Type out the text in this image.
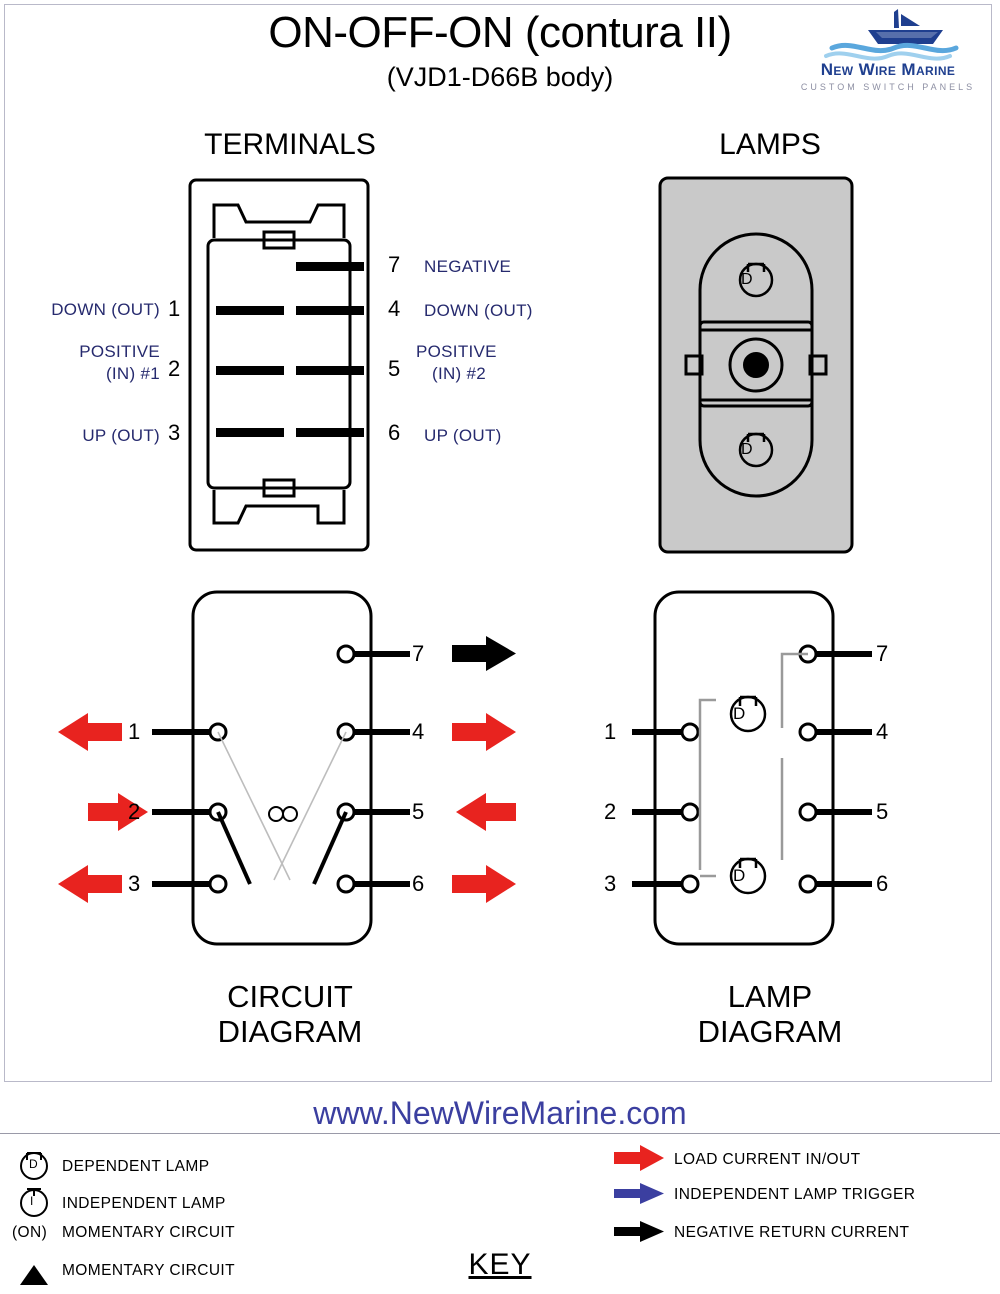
ON-OFF-ON (contura II)
(VJD1-D66B body)	New Wire Marine
CUSTOM SWITCH PANELS
TERMINALS	LAMPS
DOWN (OUT) 1
POSITIVE
(IN) #1 2
UP (OUT) 3
7 NEGATIVE
4 DOWN (OUT)
5
POSITIVE
(IN) #2
6 UP (OUT)
7
4
5
6
1
2
3
7
4
5
6
1
2
3
D
D
D
D
D
I
CIRCUIT
DIAGRAM
LAMP
DIAGRAM
www.NewWireMarine.com
KEY
DEPENDENT LAMP
INDEPENDENT LAMP
(ON) MOMENTARY CIRCUIT
MOMENTARY CIRCUIT
LOAD CURRENT IN/OUT
INDEPENDENT LAMP TRIGGER
NEGATIVE RETURN CURRENT
